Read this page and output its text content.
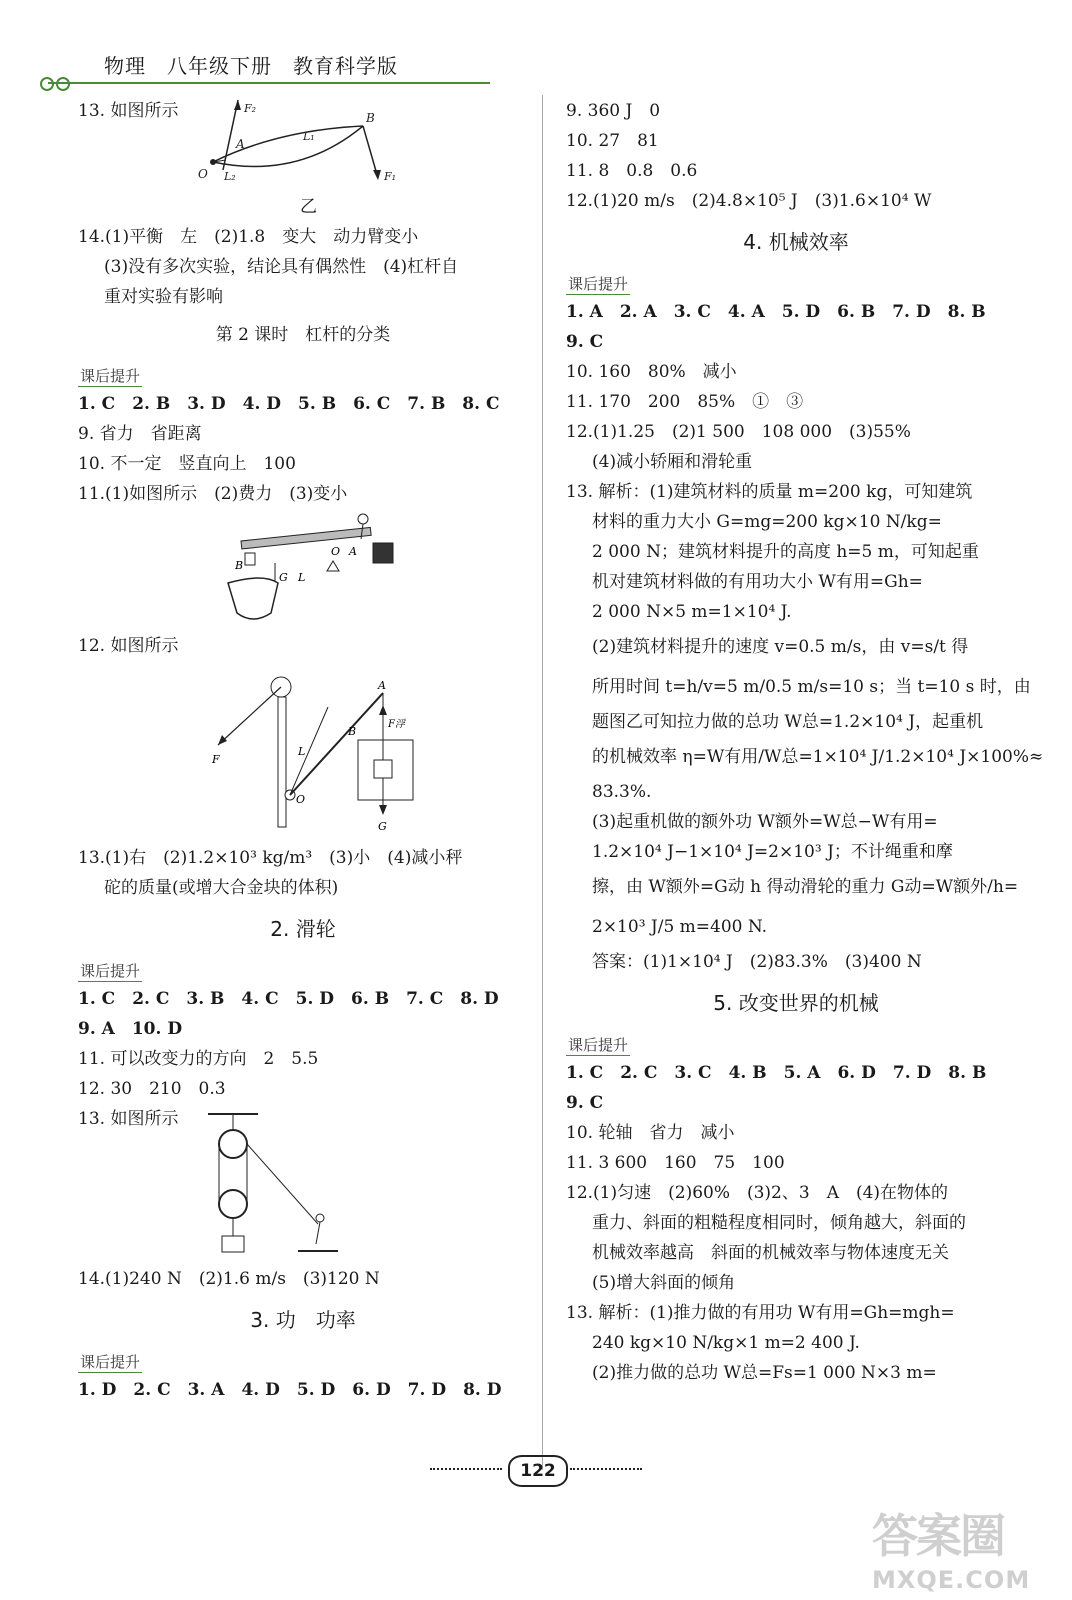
物理　八年级下册　教育科学版
13. 如图所示	F₂
O L₂
A
L₁
B
F₁
乙
14.(1)平衡　左　(2)1.8　变大　动力臂变小
(3)没有多次实验，结论具有偶然性　(4)杠杆自
重对实验有影响
第 2 课时　杠杆的分类
课后提升
1. C　2. B　3. D　4. D　5. B　6. C　7. B　8. C
9. 省力　省距离
10. 不一定　竖直向上　100
11.(1)如图所示　(2)费力　(3)变小
B
G L
O A
12. 如图所示
O
F
L
B
A
F浮
G
13.(1)右　(2)1.2×10³ kg/m³　(3)小　(4)减小秤
砣的质量(或增大合金块的体积)
2. 滑轮
课后提升
1. C　2. C　3. B　4. C　5. D　6. B　7. C　8. D
9. A　10. D
11. 可以改变力的方向　2　5.5
12. 30　210　0.3
13. 如图所示
14.(1)240 N　(2)1.6 m/s　(3)120 N
3. 功　功率
课后提升
1. D　2. C　3. A　4. D　5. D　6. D　7. D　8. D
9. 360 J　0
10. 27　81
11. 8　0.8　0.6
12.(1)20 m/s　(2)4.8×10⁵ J　(3)1.6×10⁴ W
4. 机械效率
课后提升
1. A　2. A　3. C　4. A　5. D　6. B　7. D　8. B
9. C
10. 160　80%　减小
11. 170　200　85%　①　③
12.(1)1.25　(2)1 500　108 000　(3)55%
(4)减小轿厢和滑轮重
13. 解析：(1)建筑材料的质量 m=200 kg，可知建筑
材料的重力大小 G=mg=200 kg×10 N/kg=
2 000 N；建筑材料提升的高度 h=5 m，可知起重
机对建筑材料做的有用功大小 W有用=Gh=
2 000 N×5 m=1×10⁴ J.
(2)建筑材料提升的速度 v=0.5 m/s，由 v=s/t 得
所用时间 t=h/v=5 m/0.5 m/s=10 s；当 t=10 s 时，由
题图乙可知拉力做的总功 W总=1.2×10⁴ J，起重机
的机械效率 η=W有用/W总=1×10⁴ J/1.2×10⁴ J×100%≈
83.3%.
(3)起重机做的额外功 W额外=W总−W有用=
1.2×10⁴ J−1×10⁴ J=2×10³ J；不计绳重和摩
擦，由 W额外=G动 h 得动滑轮的重力 G动=W额外/h=
2×10³ J/5 m=400 N.
答案：(1)1×10⁴ J　(2)83.3%　(3)400 N
5. 改变世界的机械
课后提升
1. C　2. C　3. C　4. B　5. A　6. D　7. D　8. B
9. C
10. 轮轴　省力　减小
11. 3 600　160　75　100
12.(1)匀速　(2)60%　(3)2、3　A　(4)在物体的
重力、斜面的粗糙程度相同时，倾角越大，斜面的
机械效率越高　斜面的机械效率与物体速度无关
(5)增大斜面的倾角
13. 解析：(1)推力做的有用功 W有用=Gh=mgh=
240 kg×10 N/kg×1 m=2 400 J.
(2)推力做的总功 W总=Fs=1 000 N×3 m=
122
答案圈
MXQE.COM
